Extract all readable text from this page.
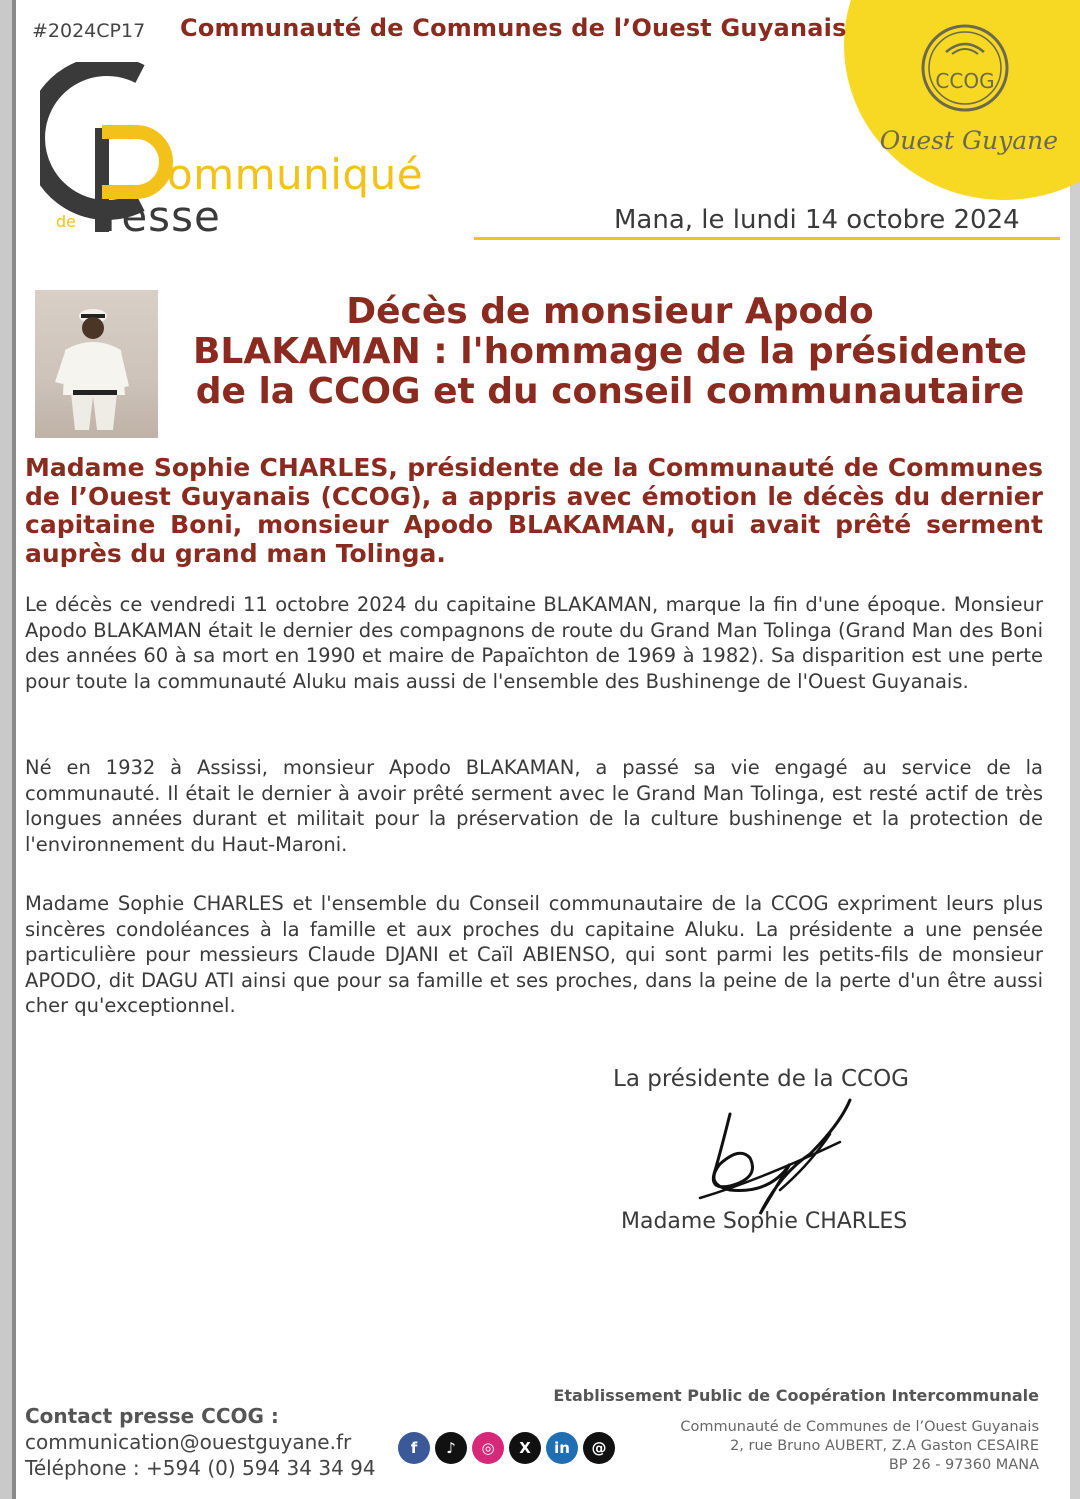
CCOG
Ouest Guyane
#2024CP17 Communauté de Communes de l’Ouest Guyanais
ommuniqué
de resse	Mana, le lundi 14 octobre 2024
Décès de monsieur Apodo
BLAKAMAN : l'hommage de la présidente
de la CCOG et du conseil communautaire
Madame Sophie CHARLES, présidente de la Communauté de Communes de l’Ouest Guyanais (CCOG), a appris avec émotion le décès du dernier capitaine Boni, monsieur Apodo BLAKAMAN, qui avait prêté serment auprès du grand man Tolinga.
Le décès ce vendredi 11 octobre 2024 du capitaine BLAKAMAN, marque la fin d'une époque. Monsieur Apodo BLAKAMAN était le dernier des compagnons de route du Grand Man Tolinga (Grand Man des Boni des années 60 à sa mort en 1990 et maire de Papaïchton de 1969 à 1982). Sa disparition est une perte pour toute la communauté Aluku mais aussi de l'ensemble des Bushinenge de l'Ouest Guyanais.
Né en 1932 à Assissi, monsieur Apodo BLAKAMAN, a passé sa vie engagé au service de la communauté. Il était le dernier à avoir prêté serment avec le Grand Man Tolinga, est resté actif de très longues années durant et militait pour la préservation de la culture bushinenge et la protection de l'environnement du Haut-Maroni.
Madame Sophie CHARLES et l'ensemble du Conseil communautaire de la CCOG expriment leurs plus sincères condoléances à la famille et aux proches du capitaine Aluku. La présidente a une pensée particulière pour messieurs Claude DJANI et Caïl ABIENSO, qui sont parmi les petits-fils de monsieur APODO, dit DAGU ATI ainsi que pour sa famille et ses proches, dans la peine de la perte d'un être aussi cher qu'exceptionnel.
La présidente de la CCOG
Madame Sophie CHARLES
Contact presse CCOG :
communication@ouestguyane.fr
Téléphone : +594 (0) 594 34 34 94
f	♪	◎	X	in	@
Etablissement Public de Coopération Intercommunale
Communauté de Communes de l’Ouest Guyanais
2, rue Bruno AUBERT, Z.A Gaston CESAIRE
BP 26 - 97360 MANA
